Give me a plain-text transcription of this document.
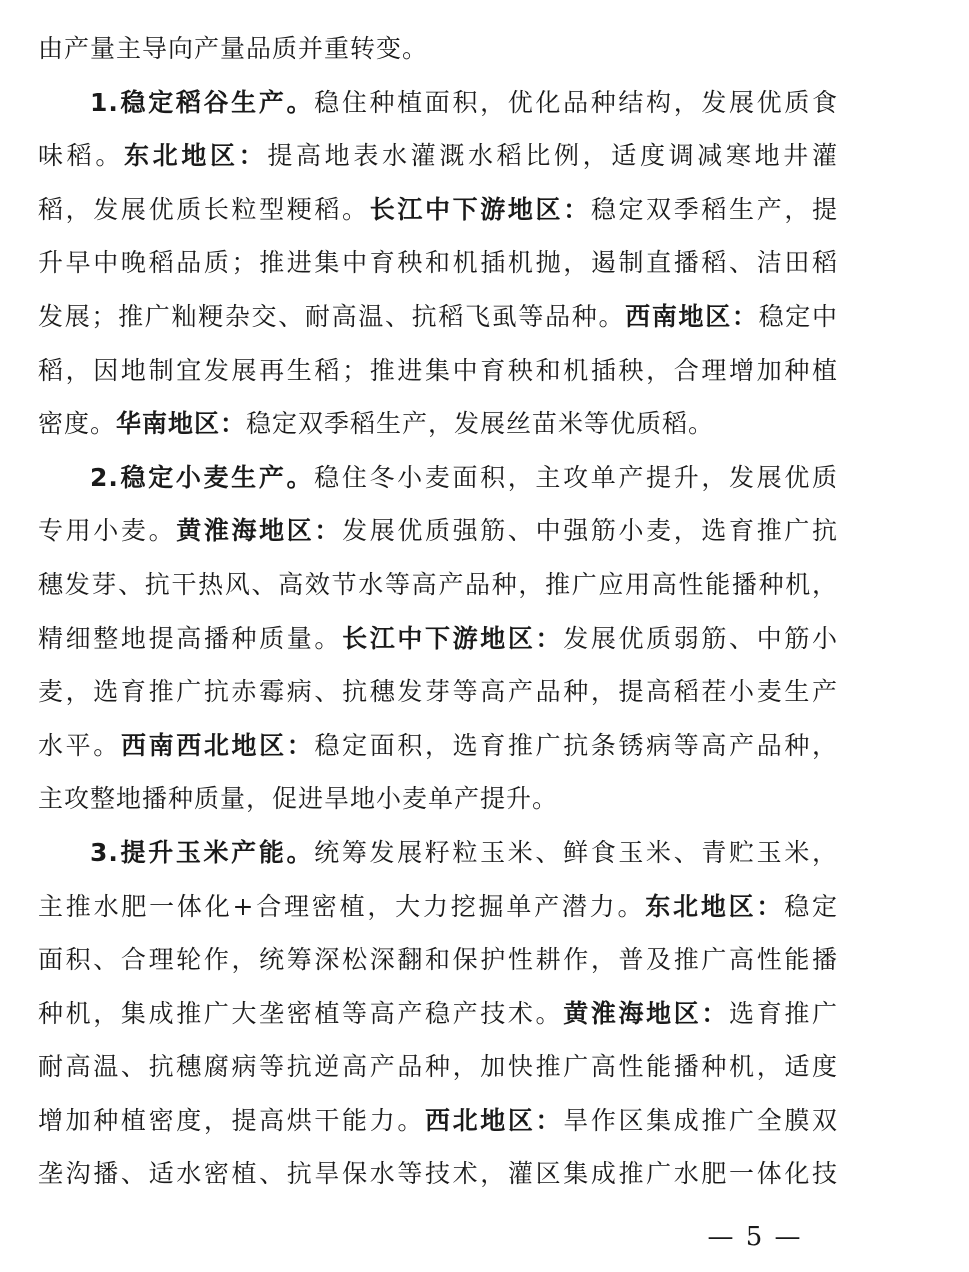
由产量主导向产量品质并重转变。
1.稳定稻谷生产。稳住种植面积，优化品种结构，发展优质食
味稻。东北地区：提高地表水灌溉水稻比例，适度调减寒地井灌
稻，发展优质长粒型粳稻。长江中下游地区：稳定双季稻生产，提
升早中晚稻品质；推进集中育秧和机插机抛，遏制直播稻、洁田稻
发展；推广籼粳杂交、耐高温、抗稻飞虱等品种。西南地区：稳定中
稻，因地制宜发展再生稻；推进集中育秧和机插秧，合理增加种植
密度。华南地区：稳定双季稻生产，发展丝苗米等优质稻。
2.稳定小麦生产。稳住冬小麦面积，主攻单产提升，发展优质
专用小麦。黄淮海地区：发展优质强筋、中强筋小麦，选育推广抗
穗发芽、抗干热风、高效节水等高产品种，推广应用高性能播种机，
精细整地提高播种质量。长江中下游地区：发展优质弱筋、中筋小
麦，选育推广抗赤霉病、抗穗发芽等高产品种，提高稻茬小麦生产
水平。西南西北地区：稳定面积，选育推广抗条锈病等高产品种，
主攻整地播种质量，促进旱地小麦单产提升。
3.提升玉米产能。统筹发展籽粒玉米、鲜食玉米、青贮玉米，
主推水肥一体化+合理密植，大力挖掘单产潜力。东北地区：稳定
面积、合理轮作，统筹深松深翻和保护性耕作，普及推广高性能播
种机，集成推广大垄密植等高产稳产技术。黄淮海地区：选育推广
耐高温、抗穗腐病等抗逆高产品种，加快推广高性能播种机，适度
增加种植密度，提高烘干能力。西北地区：旱作区集成推广全膜双
垄沟播、适水密植、抗旱保水等技术，灌区集成推广水肥一体化技
— 5 —
